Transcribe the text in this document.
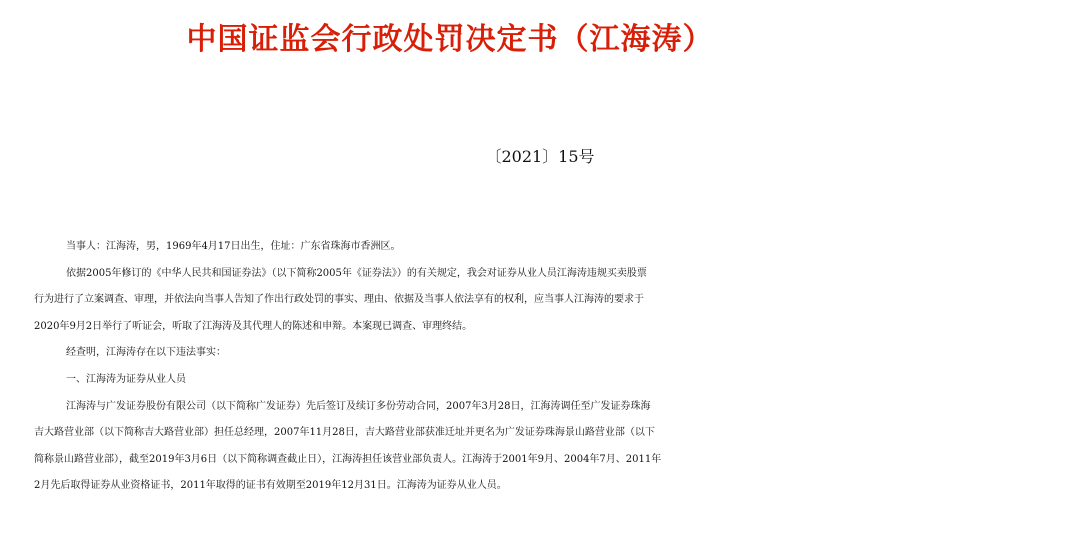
中国证监会行政处罚决定书（江海涛）

〔2021〕15号

当事人：江海涛，男，1969年4月17日出生，住址：广东省珠海市香洲区。

依据2005年修订的《中华人民共和国证券法》（以下简称2005年《证券法》）的有关规定，我会对证券从业人员江海涛违规买卖股票

行为进行了立案调查、审理，并依法向当事人告知了作出行政处罚的事实、理由、依据及当事人依法享有的权利，应当事人江海涛的要求于

2020年9月2日举行了听证会，听取了江海涛及其代理人的陈述和申辩。本案现已调查、审理终结。

经查明，江海涛存在以下违法事实：

一、江海涛为证券从业人员

江海涛与广发证券股份有限公司（以下简称广发证券）先后签订及续订多份劳动合同，2007年3月28日，江海涛调任至广发证券珠海

吉大路营业部（以下简称吉大路营业部）担任总经理，2007年11月28日，吉大路营业部获准迁址并更名为广发证券珠海景山路营业部（以下

简称景山路营业部），截至2019年3月6日（以下简称调查截止日），江海涛担任该营业部负责人。江海涛于2001年9月、2004年7月、2011年

2月先后取得证券从业资格证书，2011年取得的证书有效期至2019年12月31日。江海涛为证券从业人员。
